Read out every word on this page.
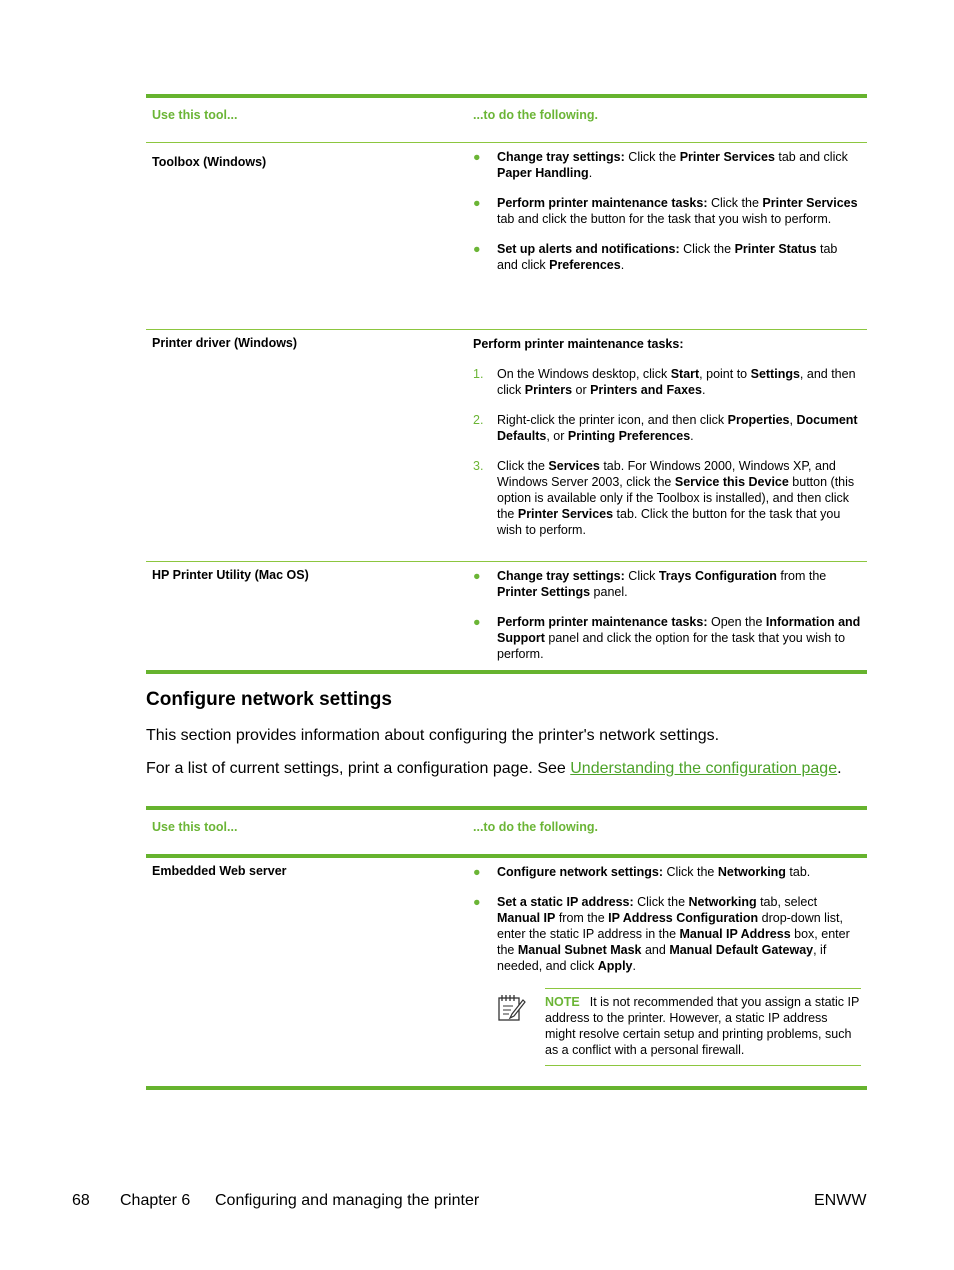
Use this tool...	...to do the following.
Toolbox (Windows)	● Change tray settings: Click the Printer Services tab and click Paper Handling.
● Perform printer maintenance tasks: Click the Printer Services tab and click the button for the task that you wish to perform.
● Set up alerts and notifications: Click the Printer Status tab and click Preferences.
Printer driver (Windows)	Perform printer maintenance tasks:
1. On the Windows desktop, click Start, point to Settings, and then click Printers or Printers and Faxes.
2. Right-click the printer icon, and then click Properties, Document Defaults, or Printing Preferences.
3. Click the Services tab. For Windows 2000, Windows XP, and Windows Server 2003, click the Service this Device button (this option is available only if the Toolbox is installed), and then click the Printer Services tab. Click the button for the task that you wish to perform.
HP Printer Utility (Mac OS)	● Change tray settings: Click Trays Configuration from the Printer Settings panel.
● Perform printer maintenance tasks: Open the Information and Support panel and click the option for the task that you wish to perform.
Configure network settings

This section provides information about configuring the printer's network settings.

For a list of current settings, print a configuration page. See Understanding the configuration page.

Use this tool...	...to do the following.
Embedded Web server	● Configure network settings: Click the Networking tab.
● Set a static IP address: Click the Networking tab, select Manual IP from the IP Address Configuration drop-down list, enter the static IP address in the Manual IP Address box, enter the Manual Subnet Mask and Manual Default Gateway, if needed, and click Apply.
NOTE It is not recommended that you assign a static IP address to the printer. However, a static IP address might resolve certain setup and printing problems, such as a conflict with a personal firewall.
68 Chapter 6 Configuring and managing the printer	ENWW
